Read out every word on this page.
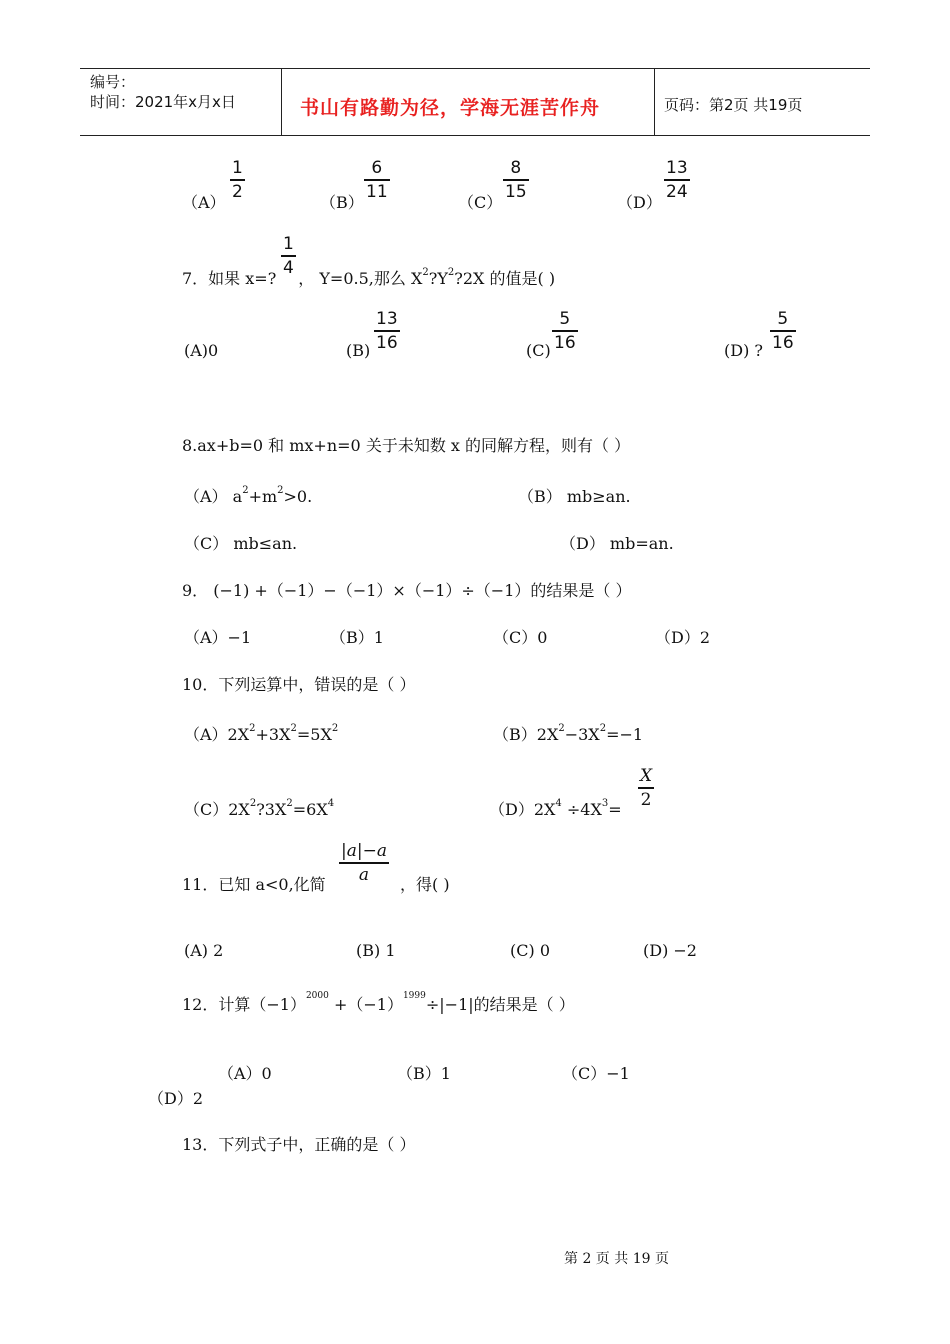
编号：
时间：2021年x月x日	书山有路勤为径，学海无涯苦作舟	页码：第2页 共19页
（A）
1
2
（B）
6
11
（C）
8
15
（D）
13
24
7．如果 x=? ， Y=0.5,那么 $X^2?Y^2?2X$ 的值是( )
1
4
(A)0	(B)
13
16	(C)
5
16	(D) ?
5
16
8.ax+b=0 和 mx+n=0 关于未知数 x 的同解方程，则有（ ）
（A） $a^2+m^2>0$.	（B） mb≥an.
（C） mb≤an.	（D） mb=an.
9． (−1) +（−1）−（−1）×（−1）÷（−1）的结果是（ ）
（A）−1	（B）1	（C）0	（D）2
10．下列运算中，错误的是（ ）
$(A)2X^2+3X^2=5X^2$	$(B)2X^2-3X^2=-1$
$(C)2X^2?3X^2=6X^4$	$(D)2X^4 \div 4X^3=$
X
2
11．已知 a<0,化简
|a|−a
a	，得( )
(A) 2	(B) 1	(C) 0	(D) −2
12．计算$(-1)^{2000} +(-1)^{1999}\div|-1|$的结果是（ ）
（A）0	（B）1	（C）−1
（D）2
13．下列式子中，正确的是（ ）
第 2 页 共 19 页
